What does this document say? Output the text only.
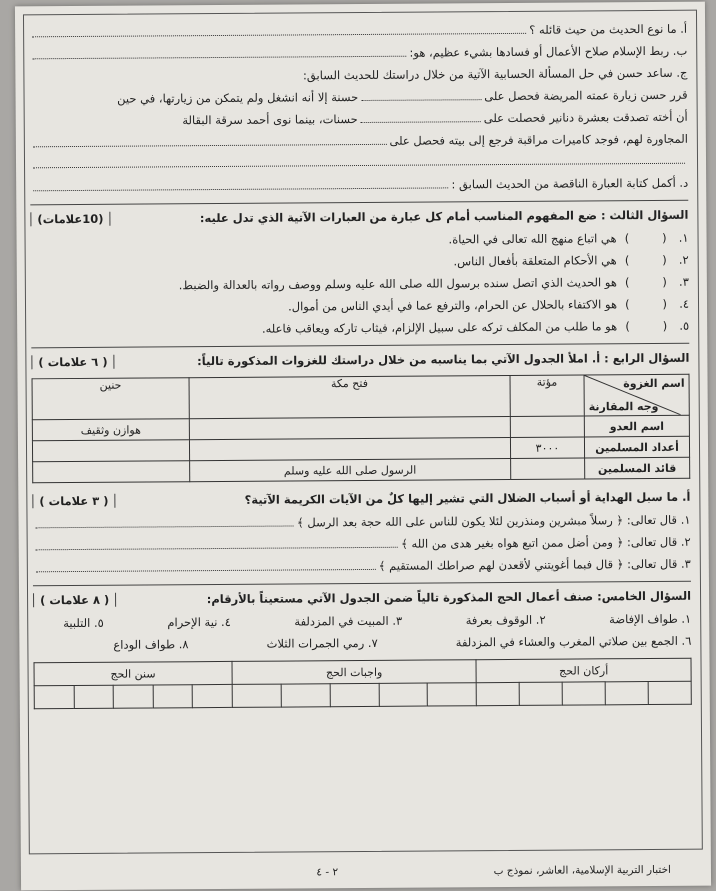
أ. ما نوع الحديث من حيث قائله ؟
ب. ربط الإسلام صلاح الأعمال أو فسادها بشيء عظيم، هو:
ج. ساعد حسن في حل المسألة الحسابية الآتية من خلال دراستك للحديث السابق:
قرر حسن زيارة عمته المريضة فحصل على
حسنة إلا أنه انشغل ولم يتمكن من زيارتها، في حين
أن أخته تصدقت بعشرة دنانير فحصلت على
حسنات، بينما نوى أحمد سرقة البقالة
المجاورة لهم، فوجد كاميرات مراقبة فرجع إلى بيته فحصل على
د. أكمل كتابة العبارة الناقصة من الحديث السابق :
السؤال الثالث : ضع المفهوم المناسب أمام كل عبارة من العبارات الآتية الذي تدل عليه:
(10علامات)
١.
(         )
هي اتباع منهج الله تعالى في الحياة.
٢.
(         )
هي الأحكام المتعلقة بأفعال الناس.
٣.
(         )
هو الحديث الذي اتصل سنده برسول الله صلى الله عليه وسلم ووصف رواته بالعدالة والضبط.
٤.
(         )
هو الاكتفاء بالحلال عن الحرام، والترفع عما في أيدي الناس من أموال.
٥.
(         )
هو ما طلب من المكلف تركه على سبيل الإلزام، فيثاب تاركه ويعاقب فاعله.
السؤال الرابع : أ. املأ الجدول الآتي بما يناسبه من خلال دراستك للغزوات المذكورة تالياً:
( ٦ علامات )
اسم الغزوة
وجه المقارنة	مؤتة	فتح مكة	حنين
اسم العدو			هوازن وثقيف
أعداد المسلمين	٣٠٠٠		
قائد المسلمين		الرسول صلى الله عليه وسلم	
أ. ما سبل الهداية أو أسباب الضلال التي تشير إليها كلٌ من الآيات الكريمة الآتية؟
( ٣ علامات )
١. قال تعالى: ﴿ رسلاً مبشرين ومنذرين لئلا يكون للناس على الله حجة بعد الرسل ﴾
٢. قال تعالى: ﴿ ومن أضل ممن اتبع هواه بغير هدى من الله ﴾
٣. قال تعالى: ﴿ قال فبما أغويتني لأقعدن لهم صراطك المستقيم ﴾
السؤال الخامس: صنف أعمال الحج المذكورة تالياً ضمن الجدول الآتي مستعيناً بالأرقام:
( ٨ علامات )
١. طواف الإفاضة
٢. الوقوف بعرفة
٣. المبيت في المزدلفة
٤. نية الإحرام
٥. التلبية
٦. الجمع بين صلاتي المغرب والعشاء في المزدلفة
٧. رمي الجمرات الثلاث
٨. طواف الوداع
أركان الحج					واجبات الحج					سنن الحج				

اختبار التربية الإسلامية، العاشر، نموذج ب
٢ - ٤
